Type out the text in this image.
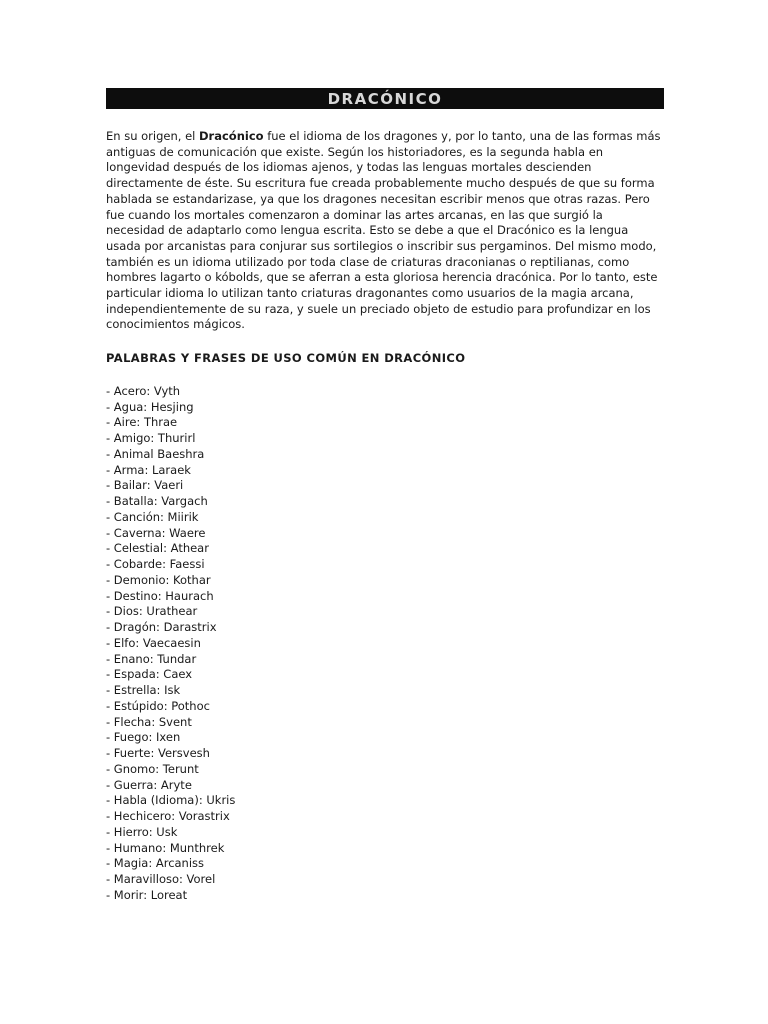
DRACÓNICO

En su origen, el Dracónico fue el idioma de los dragones y, por lo tanto, una de las formas más antiguas de comunicación que existe. Según los historiadores, es la segunda habla en longevidad después de los idiomas ajenos, y todas las lenguas mortales descienden directamente de éste. Su escritura fue creada probablemente mucho después de que su forma hablada se estandarizase, ya que los dragones necesitan escribir menos que otras razas. Pero fue cuando los mortales comenzaron a dominar las artes arcanas, en las que surgió la necesidad de adaptarlo como lengua escrita. Esto se debe a que el Dracónico es la lengua usada por arcanistas para conjurar sus sortilegios o inscribir sus pergaminos. Del mismo modo, también es un idioma utilizado por toda clase de criaturas draconianas o reptilianas, como hombres lagarto o kóbolds, que se aferran a esta gloriosa herencia dracónica. Por lo tanto, este particular idioma lo utilizan tanto criaturas dragonantes como usuarios de la magia arcana, independientemente de su raza, y suele un preciado objeto de estudio para profundizar en los conocimientos mágicos.

PALABRAS Y FRASES DE USO COMÚN EN DRACÓNICO
- Acero: Vyth
- Agua: Hesjing
- Aire: Thrae
- Amigo: Thurirl
- Animal Baeshra
- Arma: Laraek
- Bailar: Vaeri
- Batalla: Vargach
- Canción: Miirik
- Caverna: Waere
- Celestial: Athear
- Cobarde: Faessi
- Demonio: Kothar
- Destino: Haurach
- Dios: Urathear
- Dragón: Darastrix
- Elfo: Vaecaesin
- Enano: Tundar
- Espada: Caex
- Estrella: Isk
- Estúpido: Pothoc
- Flecha: Svent
- Fuego: Ixen
- Fuerte: Versvesh
- Gnomo: Terunt
- Guerra: Aryte
- Habla (Idioma): Ukris
- Hechicero: Vorastrix
- Hierro: Usk
- Humano: Munthrek
- Magia: Arcaniss
- Maravilloso: Vorel
- Morir: Loreat
